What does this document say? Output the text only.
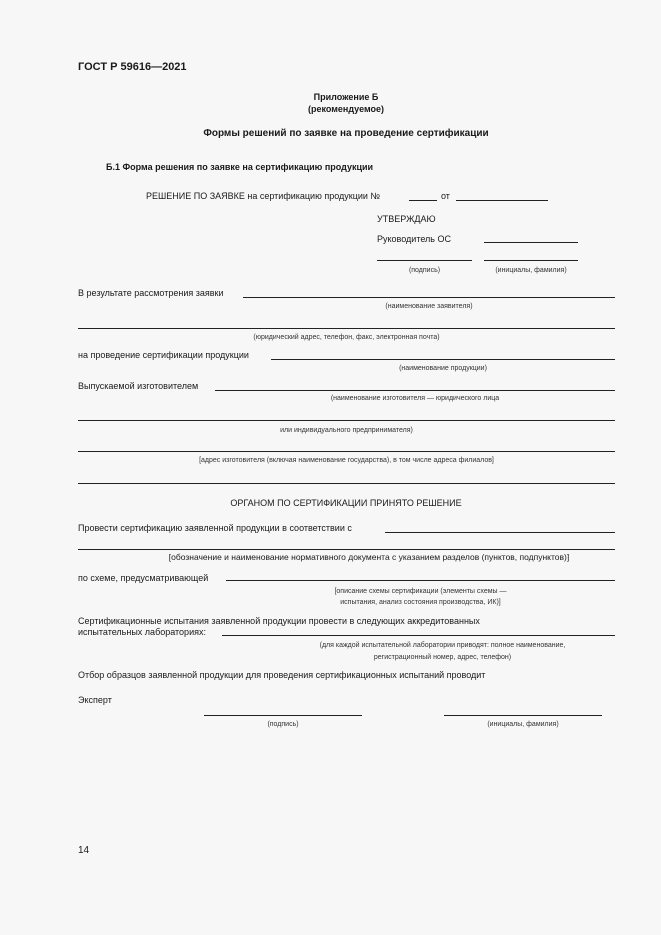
ГОСТ Р 59616—2021
Приложение Б
(рекомендуемое)
Формы решений по заявке на проведение сертификации
Б.1 Форма решения по заявке на сертификацию продукции
РЕШЕНИЕ ПО ЗАЯВКЕ на сертификацию продукции №	от
УТВЕРЖДАЮ
Руководитель ОС
(подпись)	(инициалы, фамилия)
В результате рассмотрения заявки
(наименование заявителя)
(юридический адрес, телефон, факс, электронная почта)
на проведение сертификации продукции
(наименование продукции)
Выпускаемой изготовителем
(наименование изготовителя — юридического лица
или индивидуального предпринимателя)
[адрес изготовителя (включая наименование государства), в том числе адреса филиалов]
ОРГАНОМ ПО СЕРТИФИКАЦИИ ПРИНЯТО РЕШЕНИЕ
Провести сертификацию заявленной продукции в соответствии с
[обозначение и наименование нормативного документа с указанием разделов (пунктов, подпунктов)]
по схеме, предусматривающей
[описание схемы сертификации (элементы схемы —
испытания, анализ состояния производства, ИК)]
Сертификационные испытания заявленной продукции провести в следующих аккредитованных
испытательных лабораториях:
(для каждой испытательной лаборатории приводят: полное наименование,
регистрационный номер, адрес, телефон)
Отбор образцов заявленной продукции для проведения сертификационных испытаний проводит
Эксперт
(подпись)	(инициалы, фамилия)
14
